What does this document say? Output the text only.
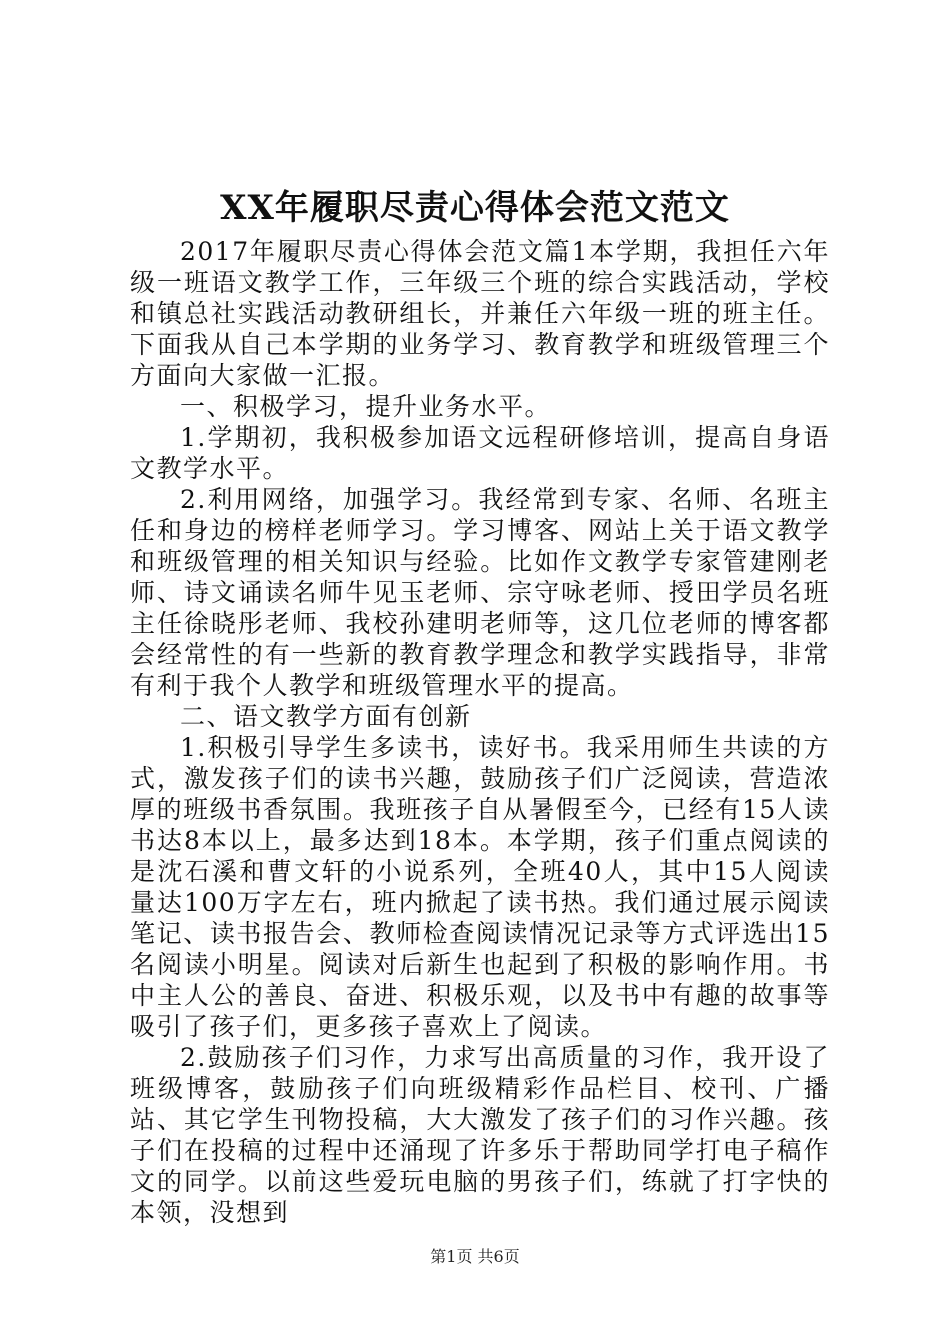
XX年履职尽责心得体会范文范文

2017年履职尽责心得体会范文篇1本学期，我担任六年级一班语文教学工作，三年级三个班的综合实践活动，学校和镇总社实践活动教研组长，并兼任六年级一班的班主任。下面我从自己本学期的业务学习、教育教学和班级管理三个方面向大家做一汇报。

一、积极学习，提升业务水平。

1.学期初，我积极参加语文远程研修培训，提高自身语文教学水平。

2.利用网络，加强学习。我经常到专家、名师、名班主任和身边的榜样老师学习。学习博客、网站上关于语文教学和班级管理的相关知识与经验。比如作文教学专家管建刚老师、诗文诵读名师牛见玉老师、宗守咏老师、授田学员名班主任徐晓彤老师、我校孙建明老师等，这几位老师的博客都会经常性的有一些新的教育教学理念和教学实践指导，非常有利于我个人教学和班级管理水平的提高。

二、语文教学方面有创新

1.积极引导学生多读书，读好书。我采用师生共读的方式，激发孩子们的读书兴趣，鼓励孩子们广泛阅读，营造浓厚的班级书香氛围。我班孩子自从暑假至今，已经有15人读书达8本以上，最多达到18本。本学期，孩子们重点阅读的是沈石溪和曹文轩的小说系列，全班40人，其中15人阅读量达100万字左右，班内掀起了读书热。我们通过展示阅读笔记、读书报告会、教师检查阅读情况记录等方式评选出15名阅读小明星。阅读对后新生也起到了积极的影响作用。书中主人公的善良、奋进、积极乐观，以及书中有趣的故事等吸引了孩子们，更多孩子喜欢上了阅读。

2.鼓励孩子们习作，力求写出高质量的习作，我开设了班级博客，鼓励孩子们向班级精彩作品栏目、校刊、广播站、其它学生刊物投稿，大大激发了孩子们的习作兴趣。孩子们在投稿的过程中还涌现了许多乐于帮助同学打电子稿作文的同学。以前这些爱玩电脑的男孩子们，练就了打字快的本领，没想到

第1页 共6页
